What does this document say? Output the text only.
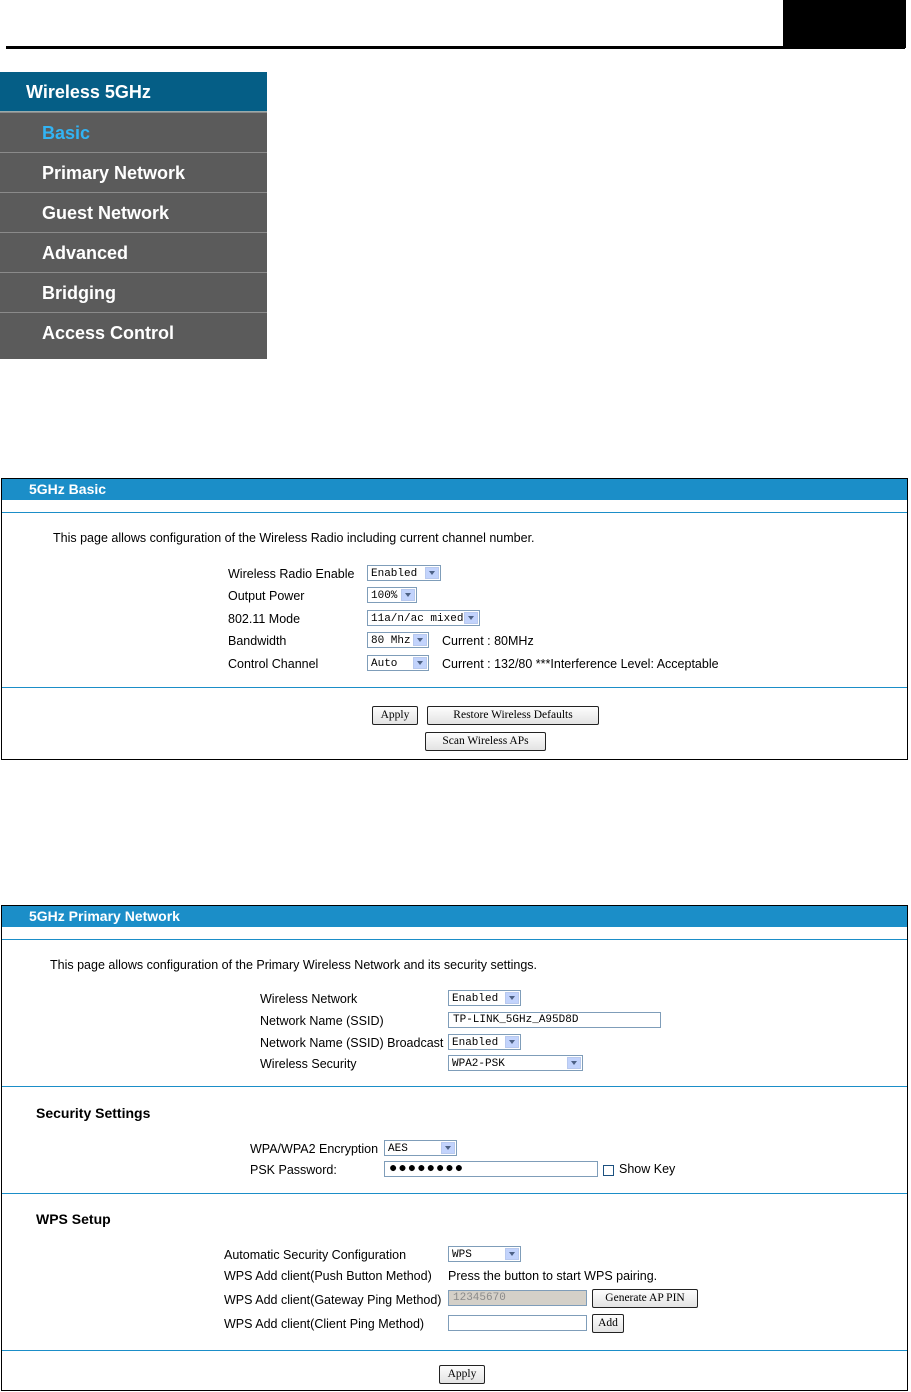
Wireless 5GHz
Basic
Primary Network
Guest Network
Advanced
Bridging
Access Control
5GHz Basic
This page allows configuration of the Wireless Radio including current channel number.
Wireless Radio Enable	Enabled
Output Power	100%
802.11 Mode	11a/n/ac mixed
Bandwidth	80 Mhz	Current : 80MHz
Control Channel	Auto	Current : 132/80 ***Interference Level: Acceptable
Apply	Restore Wireless Defaults
Scan Wireless APs
5GHz Primary Network
This page allows configuration of the Primary Wireless Network and its security settings.
Wireless Network	Enabled
Network Name (SSID)	TP-LINK_5GHz_A95D8D
Network Name (SSID) Broadcast Enabled
Wireless Security	WPA2-PSK
Security Settings
WPA/WPA2 Encryption AES
PSK Password:	●●●●●●●●	Show Key
WPS Setup
Automatic Security Configuration	WPS
WPS Add client(Push Button Method) Press the button to start WPS pairing.
WPS Add client(Gateway Ping Method)	12345670	Generate AP PIN
WPS Add client(Client Ping Method)	Add
Apply
